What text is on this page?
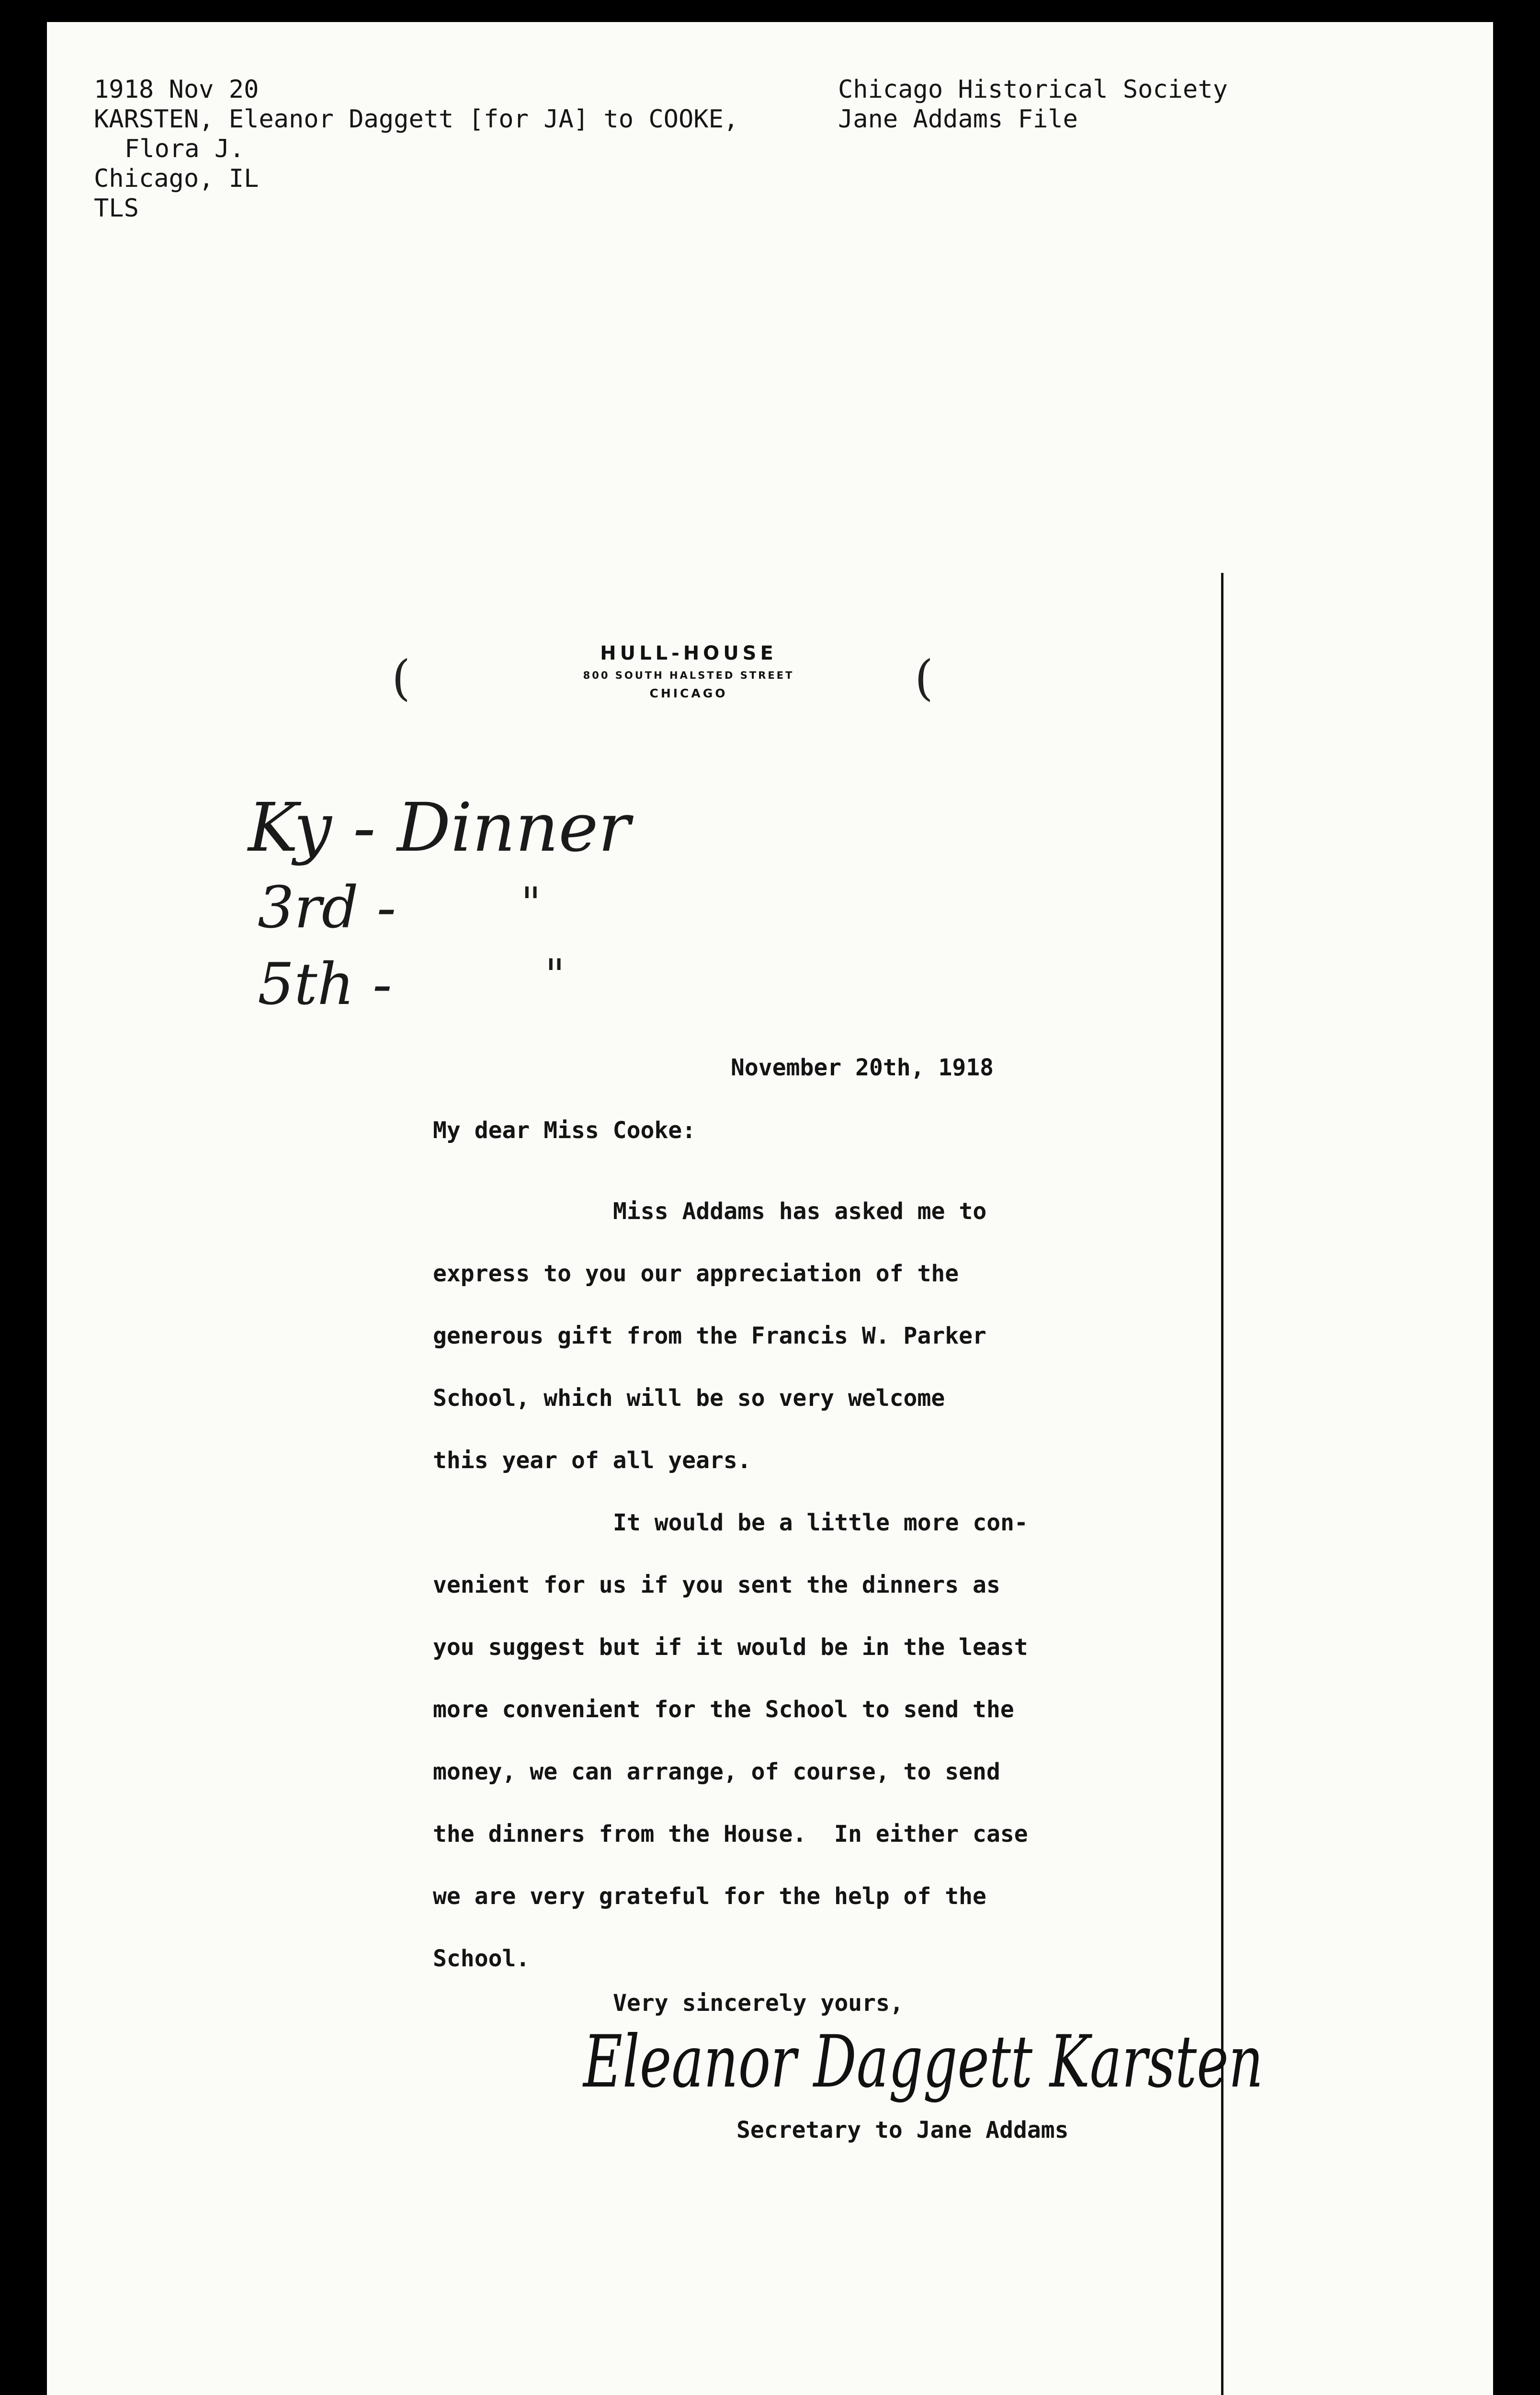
1918 Nov 20
KARSTEN, Eleanor Daggett [for JA] to COOKE,
Flora J.
Chicago, IL
TLS
Chicago Historical Society
Jane Addams File
(	(
HULL-HOUSE
800 SOUTH HALSTED STREET
CHICAGO
Ky - Dinner
3rd -	"
5th -	"
November 20th, 1918
My dear Miss Cooke:
Miss Addams has asked me to
express to you our appreciation of the
generous gift from the Francis W. Parker
School, which will be so very welcome
this year of all years.
It would be a little more con-
venient for us if you sent the dinners as
you suggest but if it would be in the least
more convenient for the School to send the
money, we can arrange, of course, to send
the dinners from the House.  In either case
we are very grateful for the help of the
School.
Very sincerely yours,
Eleanor Daggett Karsten
Secretary to Jane Addams
